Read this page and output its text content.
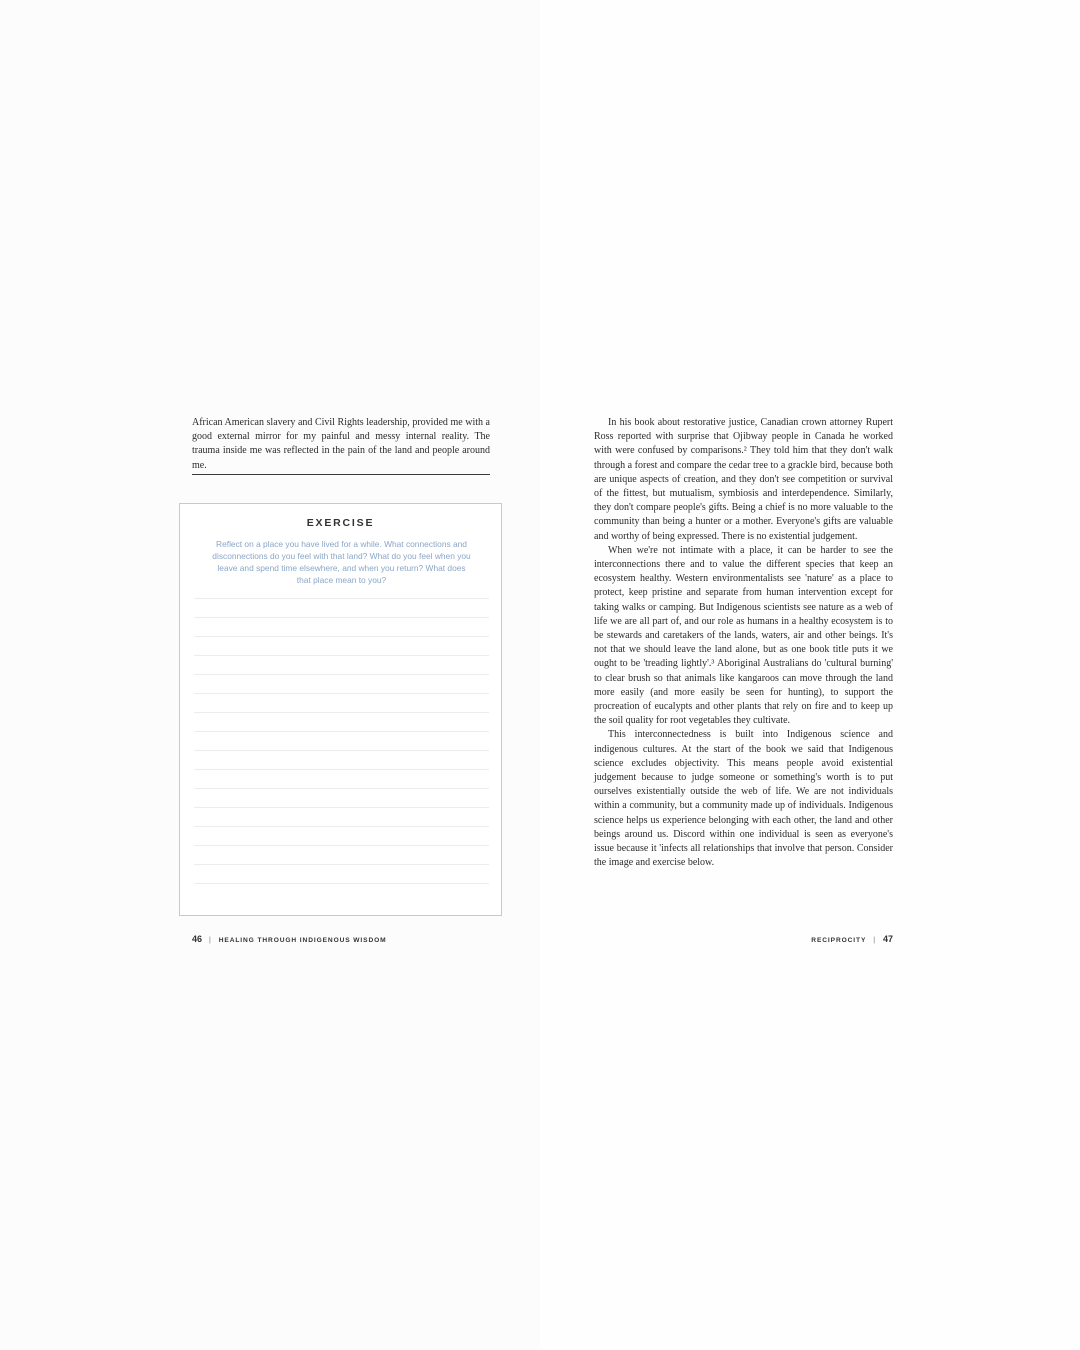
African American slavery and Civil Rights leadership, provided me with a good external mirror for my painful and messy internal reality. The trauma inside me was reflected in the pain of the land and people around me.

EXERCISE

Reflect on a place you have lived for a while. What connections and disconnections do you feel with that land? What do you feel when you leave and spend time elsewhere, and when you return? What does that place mean to you?

46 | HEALING THROUGH INDIGENOUS WISDOM

In his book about restorative justice, Canadian crown attorney Rupert Ross reported with surprise that Ojibway people in Canada he worked with were confused by comparisons.² They told him that they don't walk through a forest and compare the cedar tree to a grackle bird, because both are unique aspects of creation, and they don't see competition or survival of the fittest, but mutualism, symbiosis and interdependence. Similarly, they don't compare people's gifts. Being a chief is no more valuable to the community than being a hunter or a mother. Everyone's gifts are valuable and worthy of being expressed. There is no existential judgement.

When we're not intimate with a place, it can be harder to see the interconnections there and to value the different species that keep an ecosystem healthy. Western environmentalists see 'nature' as a place to protect, keep pristine and separate from human intervention except for taking walks or camping. But Indigenous scientists see nature as a web of life we are all part of, and our role as humans in a healthy ecosystem is to be stewards and caretakers of the lands, waters, air and other beings. It's not that we should leave the land alone, but as one book title puts it we ought to be 'treading lightly'.³ Aboriginal Australians do 'cultural burning' to clear brush so that animals like kangaroos can move through the land more easily (and more easily be seen for hunting), to support the procreation of eucalypts and other plants that rely on fire and to keep up the soil quality for root vegetables they cultivate.

This interconnectedness is built into Indigenous science and indigenous cultures. At the start of the book we said that Indigenous science excludes objectivity. This means people avoid existential judgement because to judge someone or something's worth is to put ourselves existentially outside the web of life. We are not individuals within a community, but a community made up of individuals. Indigenous science helps us experience belonging with each other, the land and other beings around us. Discord within one individual is seen as everyone's issue because it 'infects all relationships that involve that person. Consider the image and exercise below.

RECIPROCITY | 47
